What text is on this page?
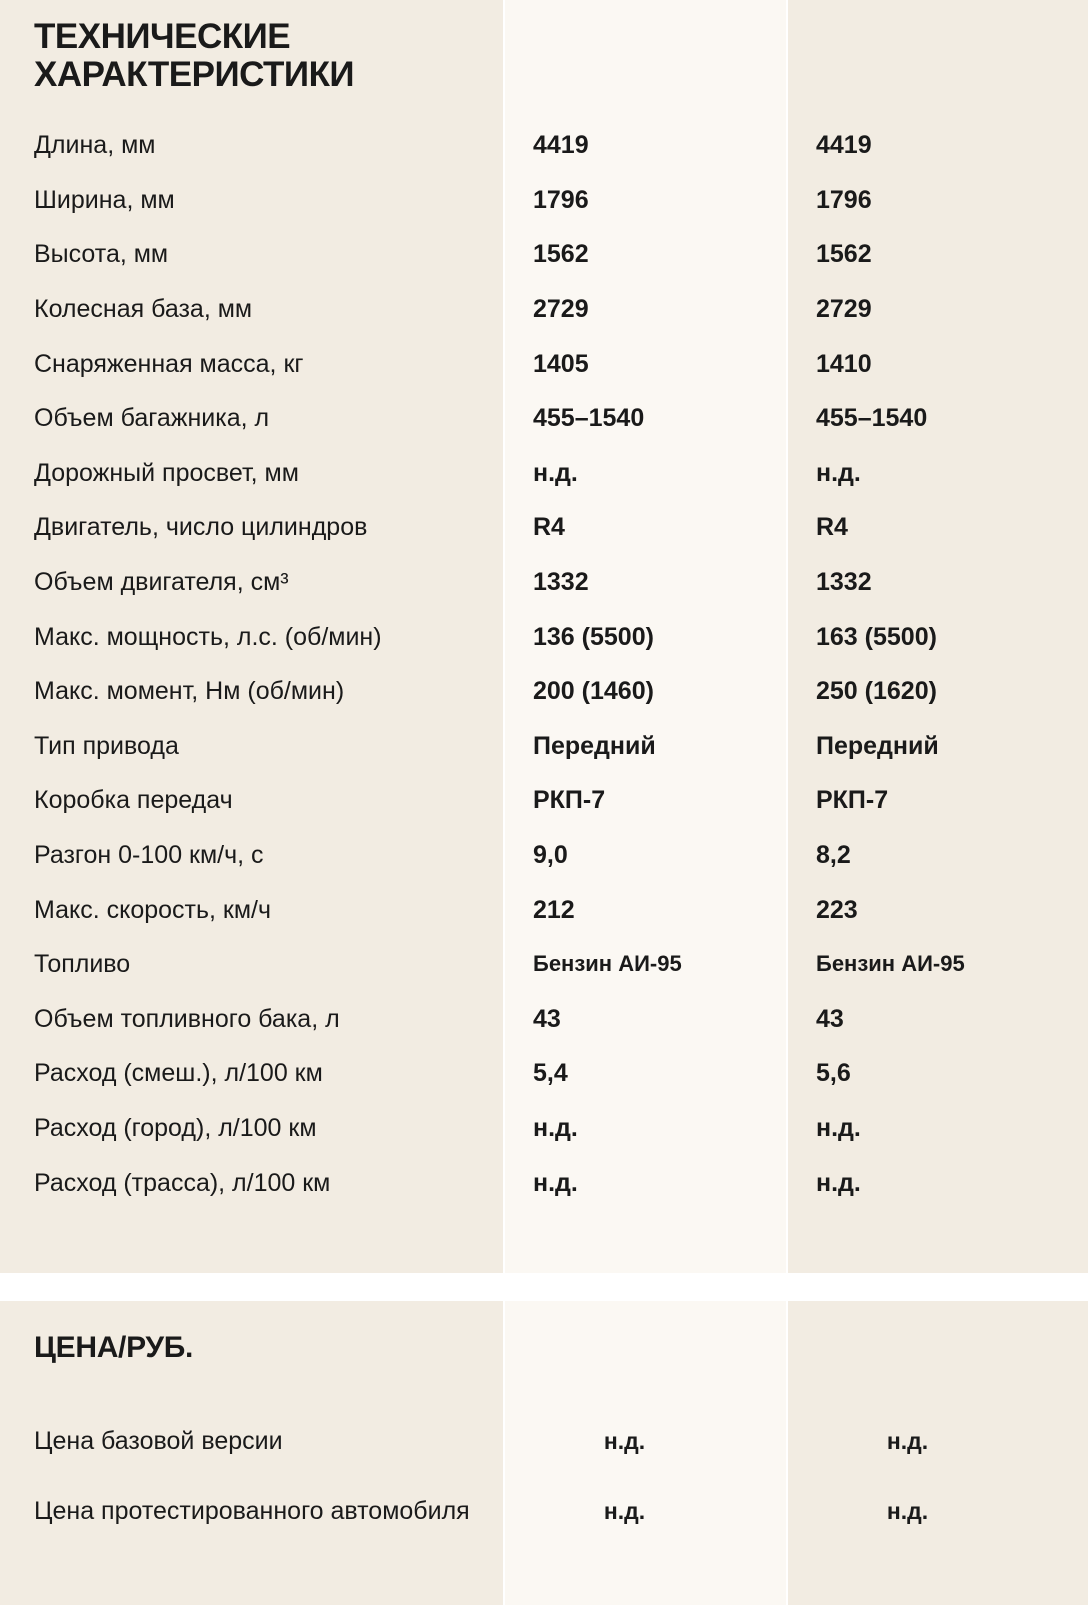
ТЕХНИЧЕСКИЕ ХАРАКТЕРИСТИКИ
Длина, мм	4419	4419
Ширина, мм	1796	1796
Высота, мм	1562	1562
Колесная база, мм	2729	2729
Снаряженная масса, кг	1405	1410
Объем багажника, л	455–1540	455–1540
Дорожный просвет, мм	н.д.	н.д.
Двигатель, число цилиндров	R4	R4
Объем двигателя, см³	1332	1332
Макс. мощность, л.с. (об/мин)	136 (5500)	163 (5500)
Макс. момент, Нм (об/мин)	200 (1460)	250 (1620)
Тип привода	Передний	Передний
Коробка передач	РКП-7	РКП-7
Разгон 0-100 км/ч, с	9,0	8,2
Макс. скорость, км/ч	212	223
Топливо	Бензин АИ-95	Бензин АИ-95
Объем топливного бака, л	43	43
Расход (смеш.), л/100 км	5,4	5,6
Расход (город), л/100 км	н.д.	н.д.
Расход (трасса), л/100 км	н.д.	н.д.
ЦЕНА/РУБ.
Цена базовой версии	н.д.	н.д.
Цена протестированного автомобиля	н.д.	н.д.
